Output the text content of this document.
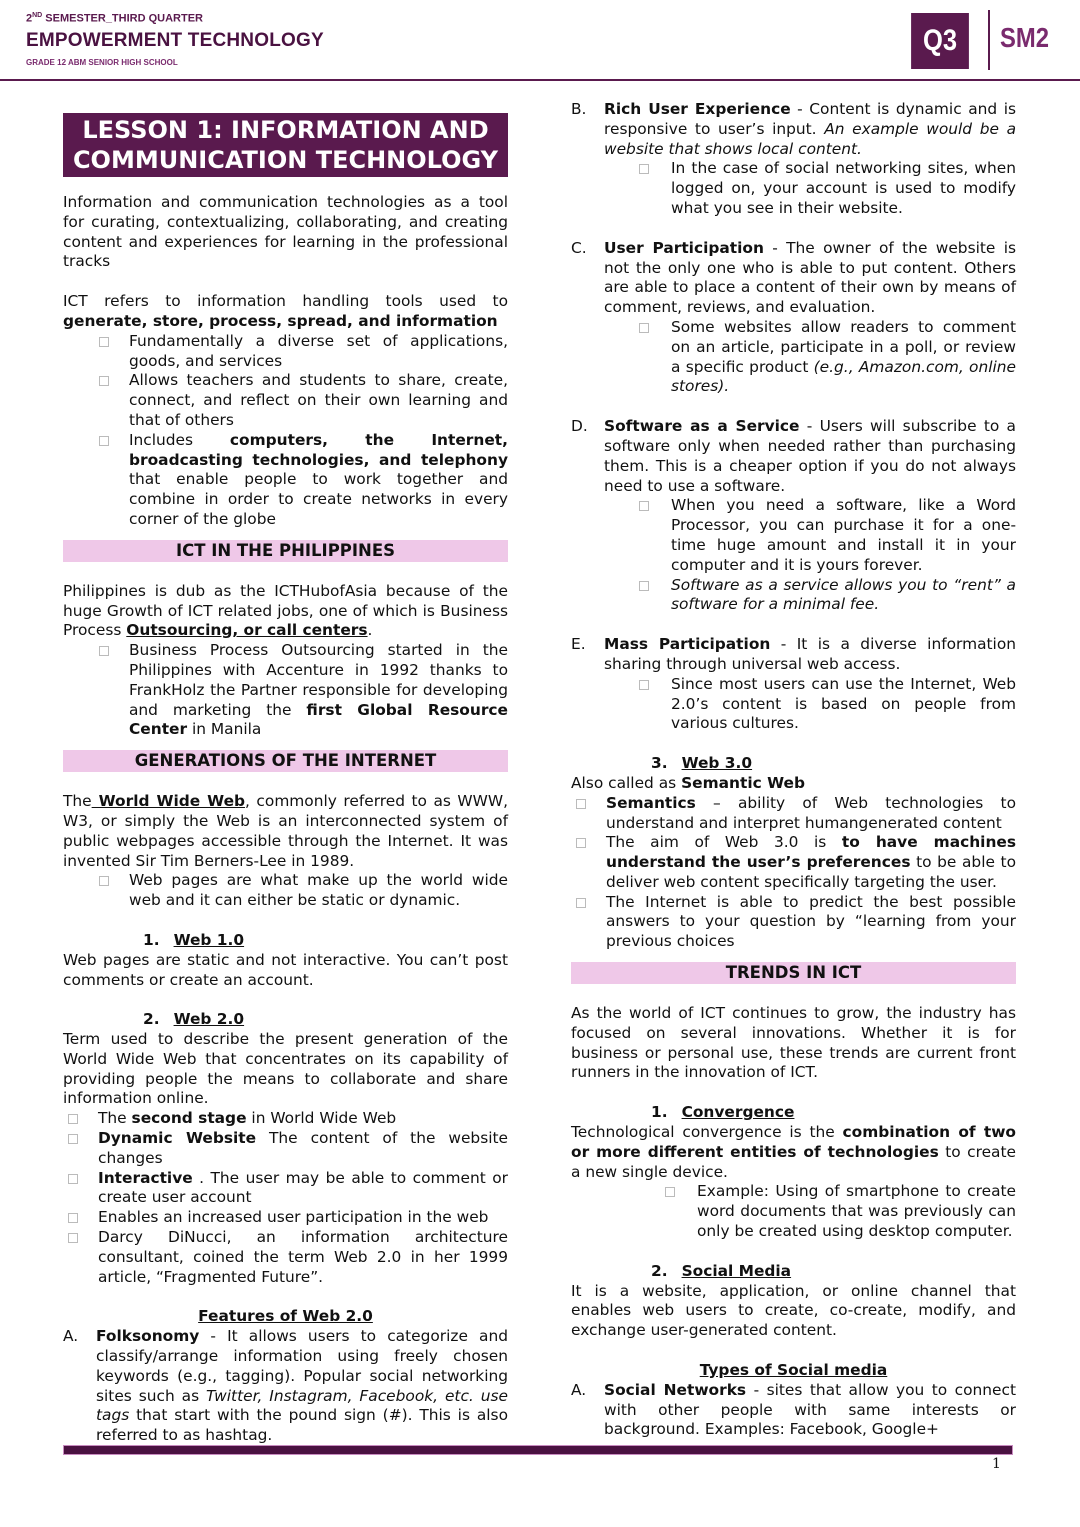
2ND SEMESTER_THIRD QUARTER
EMPOWERMENT TECHNOLOGY
GRADE 12 ABM SENIOR HIGH SCHOOL
Q3	SM2
LESSON 1: INFORMATION AND COMMUNICATION TECHNOLOGY

Information and communication technologies as a tool for curating, contextualizing, collaborating, and creating content and experiences for learning in the professional tracks

ICT refers to information handling tools used to generate, store, process, spread, and information

Fundamentally a diverse set of applications, goods, and services
Allows teachers and students to share, create, connect, and reflect on their own learning and that of others
Includes computers, the Internet, broadcasting technologies, and telephony that enable people to work together and combine in order to create networks in every corner of the globe
ICT IN THE PHILIPPINES

Philippines is dub as the ICTHubofAsia because of the huge Growth of ICT related jobs, one of which is Business Process Outsourcing, or call centers.

Business Process Outsourcing started in the Philippines with Accenture in 1992 thanks to FrankHolz the Partner responsible for developing and marketing the first Global Resource Center in Manila
GENERATIONS OF THE INTERNET

The World Wide Web, commonly referred to as WWW, W3, or simply the Web is an interconnected system of public webpages accessible through the Internet. It was invented Sir Tim Berners-Lee in 1989.

Web pages are what make up the world wide web and it can either be static or dynamic.
1. Web 1.0

Web pages are static and not interactive. You can’t post comments or create an account.

2. Web 2.0

Term used to describe the present generation of the World Wide Web that concentrates on its capability of providing people the means to collaborate and share information online.

The second stage in World Wide Web
Dynamic Website The content of the website changes
Interactive . The user may be able to comment or create user account
Enables an increased user participation in the web
Darcy DiNucci, an information architecture consultant, coined the term Web 2.0 in her 1999 article, “Fragmented Future”.
Features of Web 2.0
A.	Folksonomy - It allows users to categorize and classify/arrange information using freely chosen keywords (e.g., tagging). Popular social networking sites such as Twitter, Instagram, Facebook, etc. use tags that start with the pound sign (#). This is also referred to as hashtag.
B.	Rich User Experience - Content is dynamic and is responsive to user’s input. An example would be a website that shows local content.
In the case of social networking sites, when logged on, your account is used to modify what you see in their website.
C.	User Participation - The owner of the website is not the only one who is able to put content. Others are able to place a content of their own by means of comment, reviews, and evaluation.
Some websites allow readers to comment on an article, participate in a poll, or review a specific product (e.g., Amazon.com, online stores).
D.	Software as a Service - Users will subscribe to a software only when needed rather than purchasing them. This is a cheaper option if you do not always need to use a software.
When you need a software, like a Word Processor, you can purchase it for a one-time huge amount and install it in your computer and it is yours forever.
Software as a service allows you to “rent” a software for a minimal fee.
E.	Mass Participation - It is a diverse information sharing through universal web access.
Since most users can use the Internet, Web 2.0’s content is based on people from various cultures.
3. Web 3.0

Also called as Semantic Web

Semantics – ability of Web technologies to understand and interpret humangenerated content
The aim of Web 3.0 is to have machines understand the user’s preferences to be able to deliver web content specifically targeting the user.
The Internet is able to predict the best possible answers to your question by “learning from your previous choices
TRENDS IN ICT

As the world of ICT continues to grow, the industry has focused on several innovations. Whether it is for business or personal use, these trends are current front runners in the innovation of ICT.

1. Convergence

Technological convergence is the combination of two or more different entities of technologies to create a new single device.

Example: Using of smartphone to create word documents that was previously can only be created using desktop computer.
2. Social Media

It is a website, application, or online channel that enables web users to create, co-create, modify, and exchange user-generated content.

Types of Social media
A.	Social Networks - sites that allow you to connect with other people with same interests or background. Examples: Facebook, Google+
1
